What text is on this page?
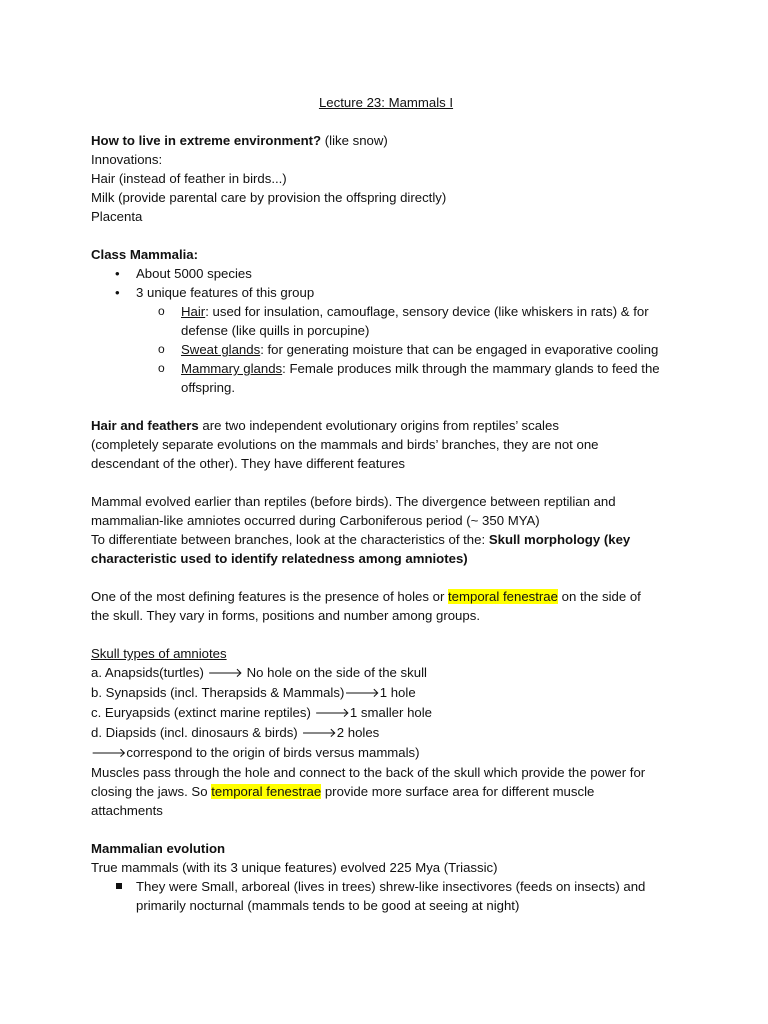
Lecture 23: Mammals I
How to live in extreme environment? (like snow)
Innovations:
Hair (instead of feather in birds...)
Milk (provide parental care by provision the offspring directly)
Placenta
Class Mammalia:
• About 5000 species
• 3 unique features of this group
o Hair: used for insulation, camouflage, sensory device (like whiskers in rats) & for defense (like quills in porcupine)
o Sweat glands: for generating moisture that can be engaged in evaporative cooling
o Mammary glands: Female produces milk through the mammary glands to feed the offspring.
Hair and feathers are two independent evolutionary origins from reptiles’ scales
(completely separate evolutions on the mammals and birds’ branches, they are not one
descendant of the other). They have different features
Mammal evolved earlier than reptiles (before birds). The divergence between reptilian and
mammalian-like amniotes occurred during Carboniferous period (~ 350 MYA)
To differentiate between branches, look at the characteristics of the: Skull morphology (key
characteristic used to identify relatedness among amniotes)
One of the most defining features is the presence of holes or temporal fenestrae on the side of
the skull. They vary in forms, positions and number among groups.
Skull types of amniotes
a. Anapsids(turtles) 🡒 No hole on the side of the skull
b. Synapsids (incl. Therapsids & Mammals)🡒1 hole
c. Euryapsids (extinct marine reptiles) 🡒1 smaller hole
d. Diapsids (incl. dinosaurs & birds) 🡒2 holes
🡒correspond to the origin of birds versus mammals)
Muscles pass through the hole and connect to the back of the skull which provide the power for
closing the jaws. So temporal fenestrae provide more surface area for different muscle
attachments
Mammalian evolution
True mammals (with its 3 unique features) evolved 225 Mya (Triassic)
They were Small, arboreal (lives in trees) shrew-like insectivores (feeds on insects) and primarily nocturnal (mammals tends to be good at seeing at night)
